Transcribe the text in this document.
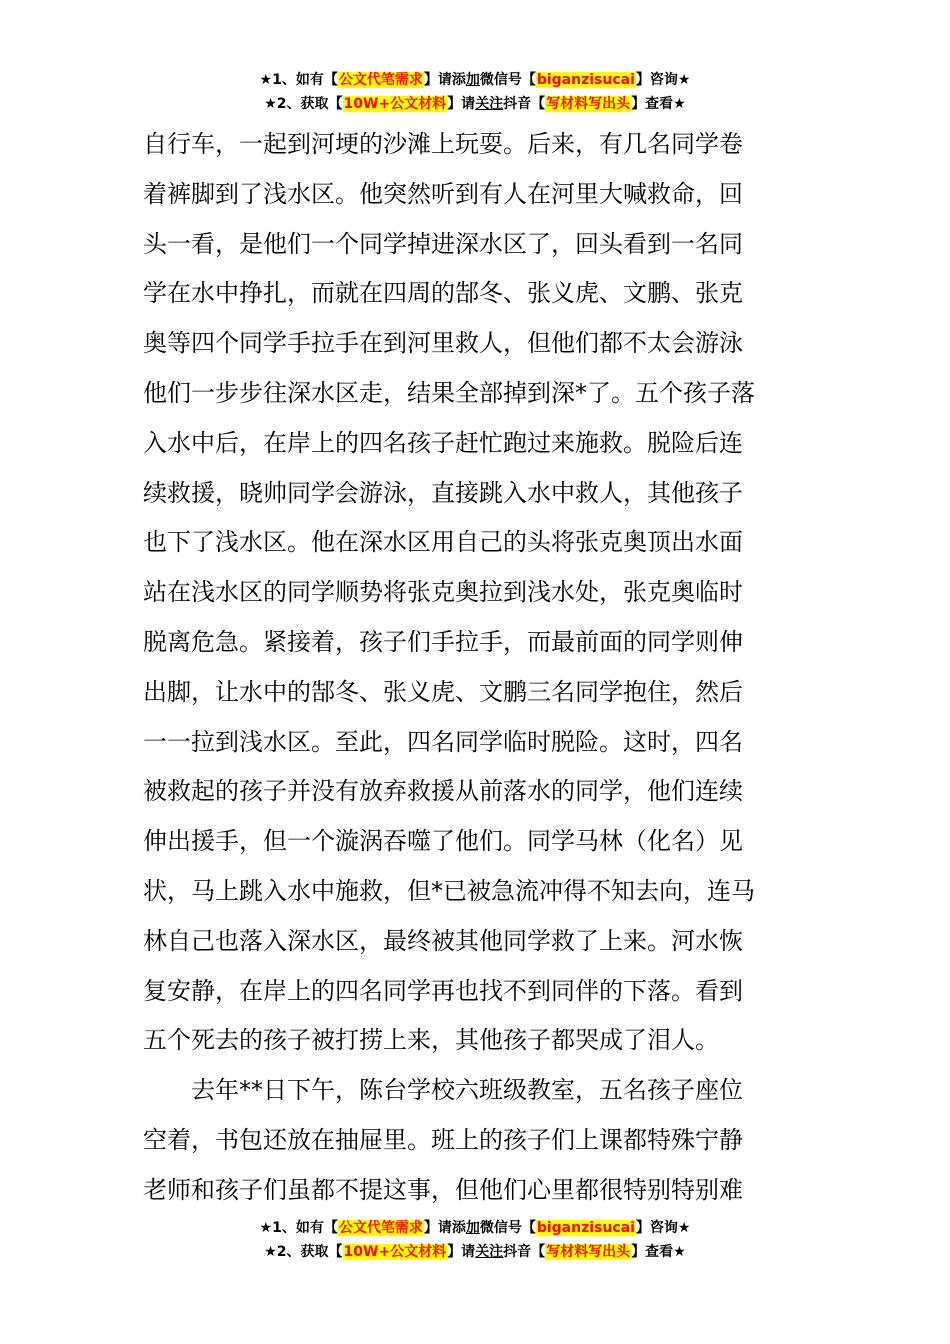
★1、如有【公文代笔需求】请添加微信号【biganzisucai】咨询★
★2、获取【10W+公文材料】请关注抖音【写材料写出头】查看★
自行车，一起到河埂的沙滩上玩耍。后来，有几名同学卷
着裤脚到了浅水区。他突然听到有人在河里大喊救命，回
头一看，是他们一个同学掉进深水区了，回头看到一名同
学在水中挣扎，而就在四周的郜冬、张义虎、文鹏、张克
奥等四个同学手拉手在到河里救人，但他们都不太会游泳
他们一步步往深水区走，结果全部掉到深*了。五个孩子落
入水中后，在岸上的四名孩子赶忙跑过来施救。脱险后连
续救援，晓帅同学会游泳，直接跳入水中救人，其他孩子
也下了浅水区。他在深水区用自己的头将张克奥顶出水面
站在浅水区的同学顺势将张克奥拉到浅水处，张克奥临时
脱离危急。紧接着，孩子们手拉手，而最前面的同学则伸
出脚，让水中的郜冬、张义虎、文鹏三名同学抱住，然后
一一拉到浅水区。至此，四名同学临时脱险。这时，四名
被救起的孩子并没有放弃救援从前落水的同学，他们连续
伸出援手，但一个漩涡吞噬了他们。同学马林（化名）见
状，马上跳入水中施救，但*已被急流冲得不知去向，连马
林自己也落入深水区，最终被其他同学救了上来。河水恢
复安静，在岸上的四名同学再也找不到同伴的下落。看到
五个死去的孩子被打捞上来，其他孩子都哭成了泪人。
去年**日下午，陈台学校六班级教室，五名孩子座位
空着，书包还放在抽屉里。班上的孩子们上课都特殊宁静
老师和孩子们虽都不提这事，但他们心里都很特别特别难
★1、如有【公文代笔需求】请添加微信号【biganzisucai】咨询★
★2、获取【10W+公文材料】请关注抖音【写材料写出头】查看★
